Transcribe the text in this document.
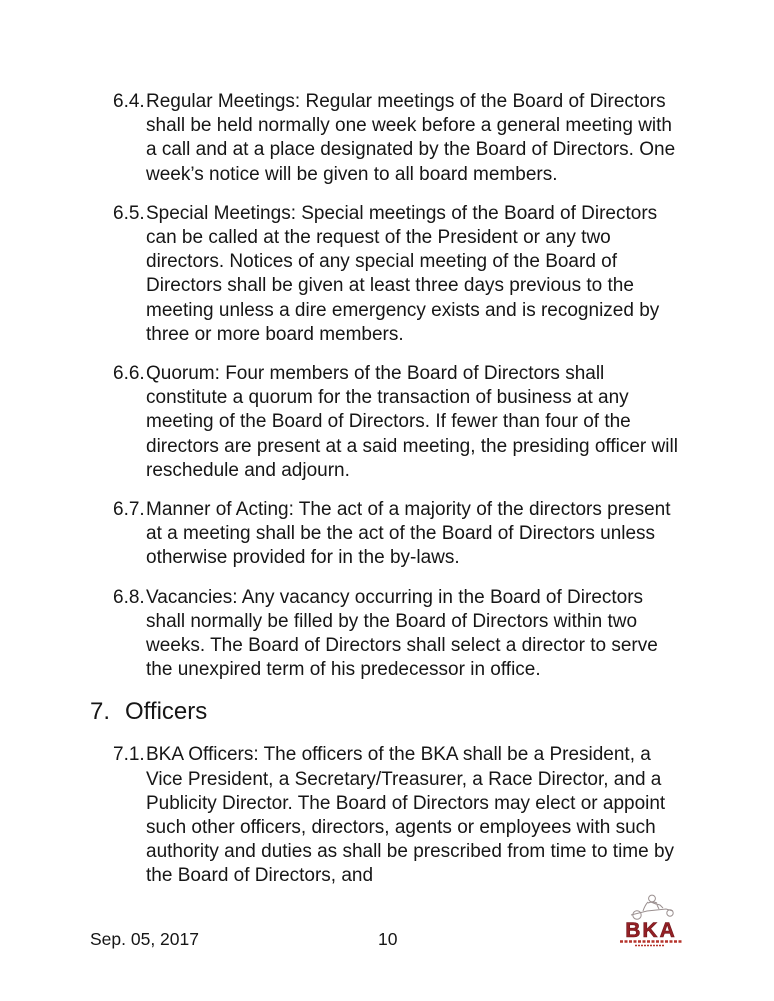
6.4. Regular Meetings: Regular meetings of the Board of Directors shall be held normally one week before a general meeting with a call and at a place designated by the Board of Directors. One week’s notice will be given to all board members.
6.5. Special Meetings: Special meetings of the Board of Directors can be called at the request of the President or any two directors. Notices of any special meeting of the Board of Directors shall be given at least three days previous to the meeting unless a dire emergency exists and is recognized by three or more board members.
6.6. Quorum: Four members of the Board of Directors shall constitute a quorum for the transaction of business at any meeting of the Board of Directors. If fewer than four of the directors are present at a said meeting, the presiding officer will reschedule and adjourn.
6.7. Manner of Acting: The act of a majority of the directors present at a meeting shall be the act of the Board of Directors unless otherwise provided for in the by-laws.
6.8. Vacancies: Any vacancy occurring in the Board of Directors shall normally be filled by the Board of Directors within two weeks. The Board of Directors shall select a director to serve the unexpired term of his predecessor in office.
7. Officers
7.1. BKA Officers: The officers of the BKA shall be a President, a Vice President, a Secretary/Treasurer, a Race Director, and a Publicity Director. The Board of Directors may elect or appoint such other officers, directors, agents or employees with such authority and duties as shall be prescribed from time to time by the Board of Directors, and
Sep. 05, 2017	10	BKA
